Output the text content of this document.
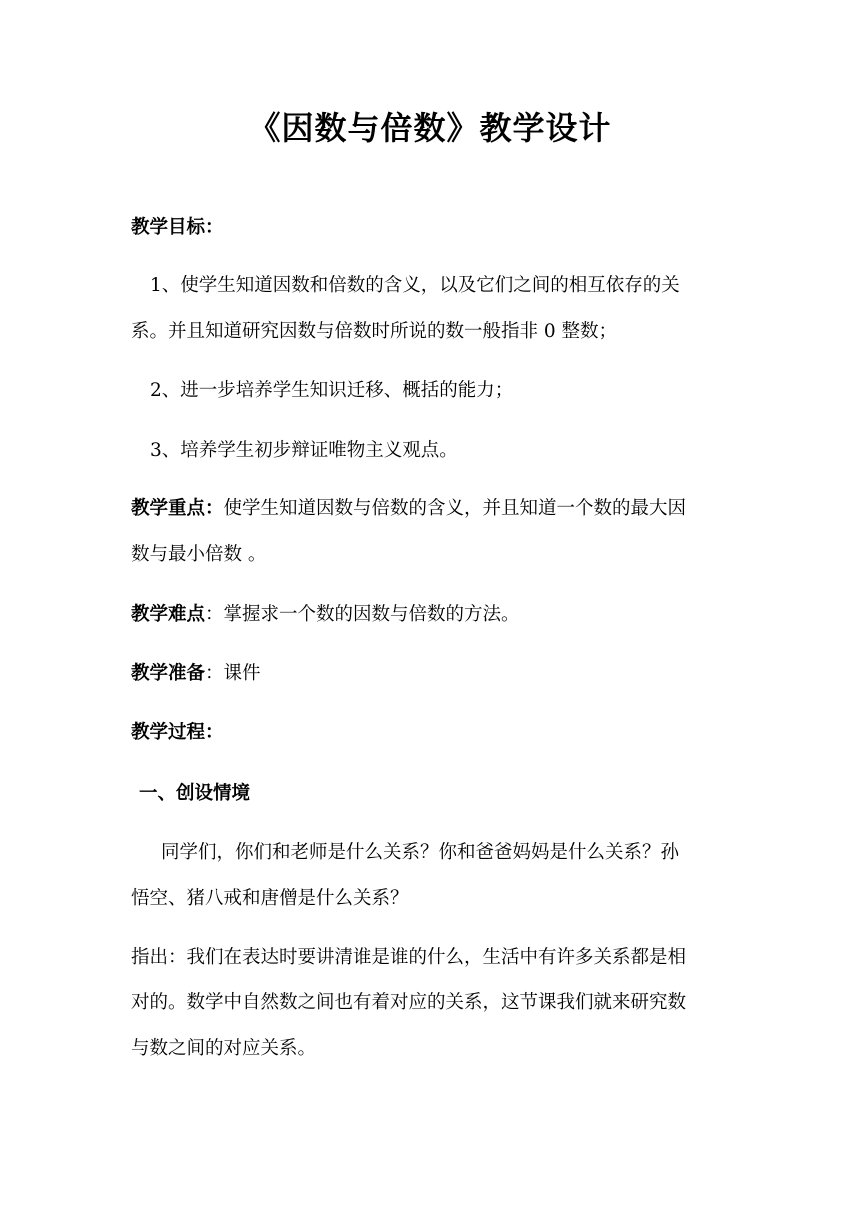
《因数与倍数》教学设计
教学目标：
1、使学生知道因数和倍数的含义，以及它们之间的相互依存的关
系。并且知道研究因数与倍数时所说的数一般指非 0 整数；
2、进一步培养学生知识迁移、概括的能力；
3、培养学生初步辩证唯物主义观点。
教学重点：使学生知道因数与倍数的含义，并且知道一个数的最大因
数与最小倍数 。
教学难点：掌握求一个数的因数与倍数的方法。
教学准备：课件
教学过程：
一、创设情境
同学们，你们和老师是什么关系？你和爸爸妈妈是什么关系？孙
悟空、猪八戒和唐僧是什么关系？
指出：我们在表达时要讲清谁是谁的什么，生活中有许多关系都是相
对的。数学中自然数之间也有着对应的关系，这节课我们就来研究数
与数之间的对应关系。
